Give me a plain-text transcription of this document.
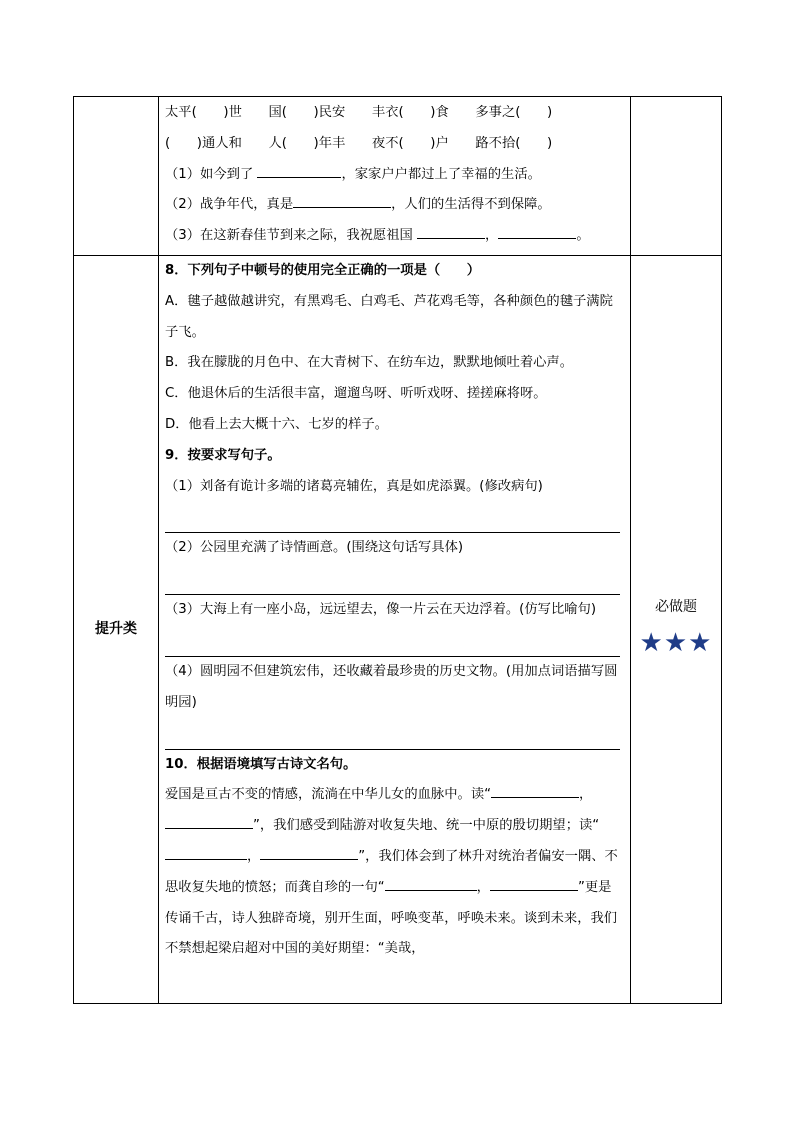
太平(　　)世　　国(　　)民安　　丰衣(　　)食　　多事之(　　)
(　　)通人和　　人(　　)年丰　　夜不(　　)户　　路不拾(　　)
（1）如今到了	，家家户户都过上了幸福的生活。
（2）战争年代，真是	，人们的生活得不到保障。
（3）在这新春佳节到来之际，我祝愿祖国	，	。
提升类
8．下列句子中顿号的使用完全正确的一项是（　　）
A．毽子越做越讲究，有黑鸡毛、白鸡毛、芦花鸡毛等，各种颜色的毽子满院子飞。
B．我在朦胧的月色中、在大青树下、在纺车边，默默地倾吐着心声。
C．他退休后的生活很丰富，遛遛鸟呀、听听戏呀、搓搓麻将呀。
D．他看上去大概十六、七岁的样子。
9．按要求写句子。
（1）刘备有诡计多端的诸葛亮辅佐，真是如虎添翼。(修改病句)
（2）公园里充满了诗情画意。(围绕这句话写具体)
（3）大海上有一座小岛，远远望去，像一片云在天边浮着。(仿写比喻句)
（4）圆明园不但建筑宏伟，还收藏着最珍贵的历史文物。(用加点词语描写圆明园)
10．根据语境填写古诗文名句。
爱国是亘古不变的情感，流淌在中华儿女的血脉中。读“	，”，我们感受到陆游对收复失地、统一中原的殷切期望；读“，	”，我们体会到了林升对统治者偏安一隅、不思收复失地的愤怒；而龚自珍的一句“	，	”更是传诵千古，诗人独辟奇境，别开生面，呼唤变革，呼唤未来。谈到未来，我们不禁想起梁启超对中国的美好期望：“美哉，
必做题
★★★
